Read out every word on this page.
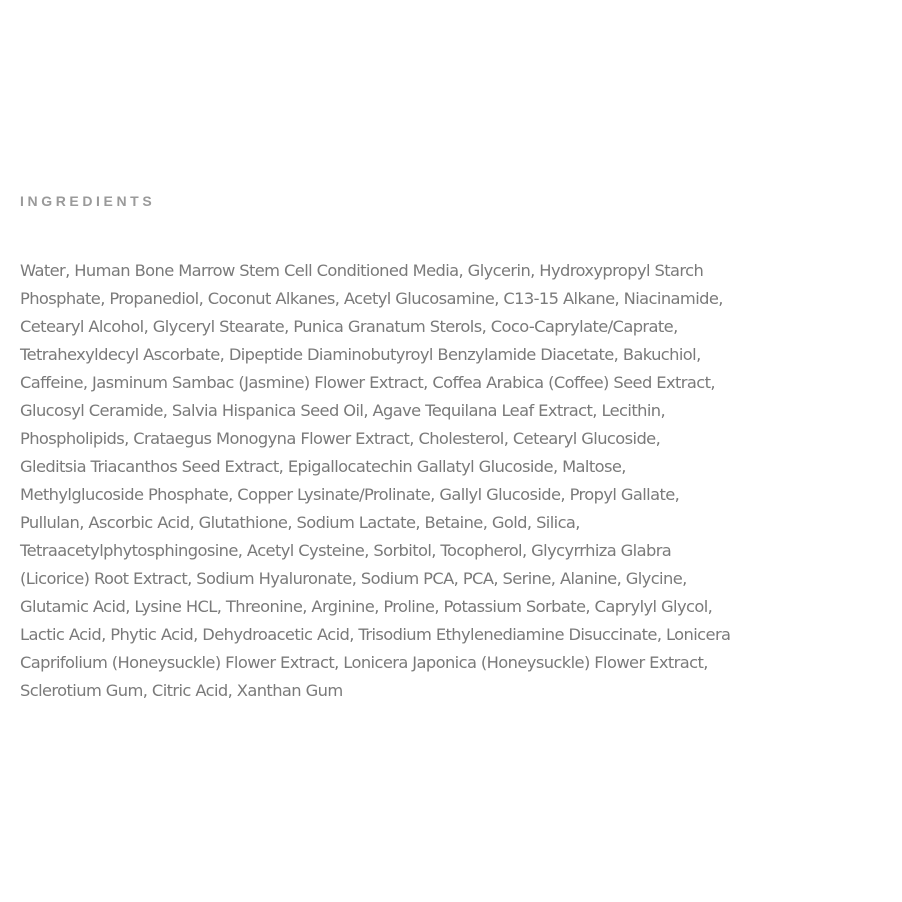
INGREDIENTS

Water, Human Bone Marrow Stem Cell Conditioned Media, Glycerin, Hydroxypropyl Starch
Phosphate, Propanediol, Coconut Alkanes, Acetyl Glucosamine, C13-15 Alkane, Niacinamide,
Cetearyl Alcohol, Glyceryl Stearate, Punica Granatum Sterols, Coco-Caprylate/Caprate,
Tetrahexyldecyl Ascorbate, Dipeptide Diaminobutyroyl Benzylamide Diacetate, Bakuchiol,
Caffeine, Jasminum Sambac (Jasmine) Flower Extract, Coffea Arabica (Coffee) Seed Extract,
Glucosyl Ceramide, Salvia Hispanica Seed Oil, Agave Tequilana Leaf Extract, Lecithin,
Phospholipids, Crataegus Monogyna Flower Extract, Cholesterol, Cetearyl Glucoside,
Gleditsia Triacanthos Seed Extract, Epigallocatechin Gallatyl Glucoside, Maltose,
Methylglucoside Phosphate, Copper Lysinate/Prolinate, Gallyl Glucoside, Propyl Gallate,
Pullulan, Ascorbic Acid, Glutathione, Sodium Lactate, Betaine, Gold, Silica,
Tetraacetylphytosphingosine, Acetyl Cysteine, Sorbitol, Tocopherol, Glycyrrhiza Glabra
(Licorice) Root Extract, Sodium Hyaluronate, Sodium PCA, PCA, Serine, Alanine, Glycine,
Glutamic Acid, Lysine HCL, Threonine, Arginine, Proline, Potassium Sorbate, Caprylyl Glycol,
Lactic Acid, Phytic Acid, Dehydroacetic Acid, Trisodium Ethylenediamine Disuccinate, Lonicera
Caprifolium (Honeysuckle) Flower Extract, Lonicera Japonica (Honeysuckle) Flower Extract,
Sclerotium Gum, Citric Acid, Xanthan Gum
